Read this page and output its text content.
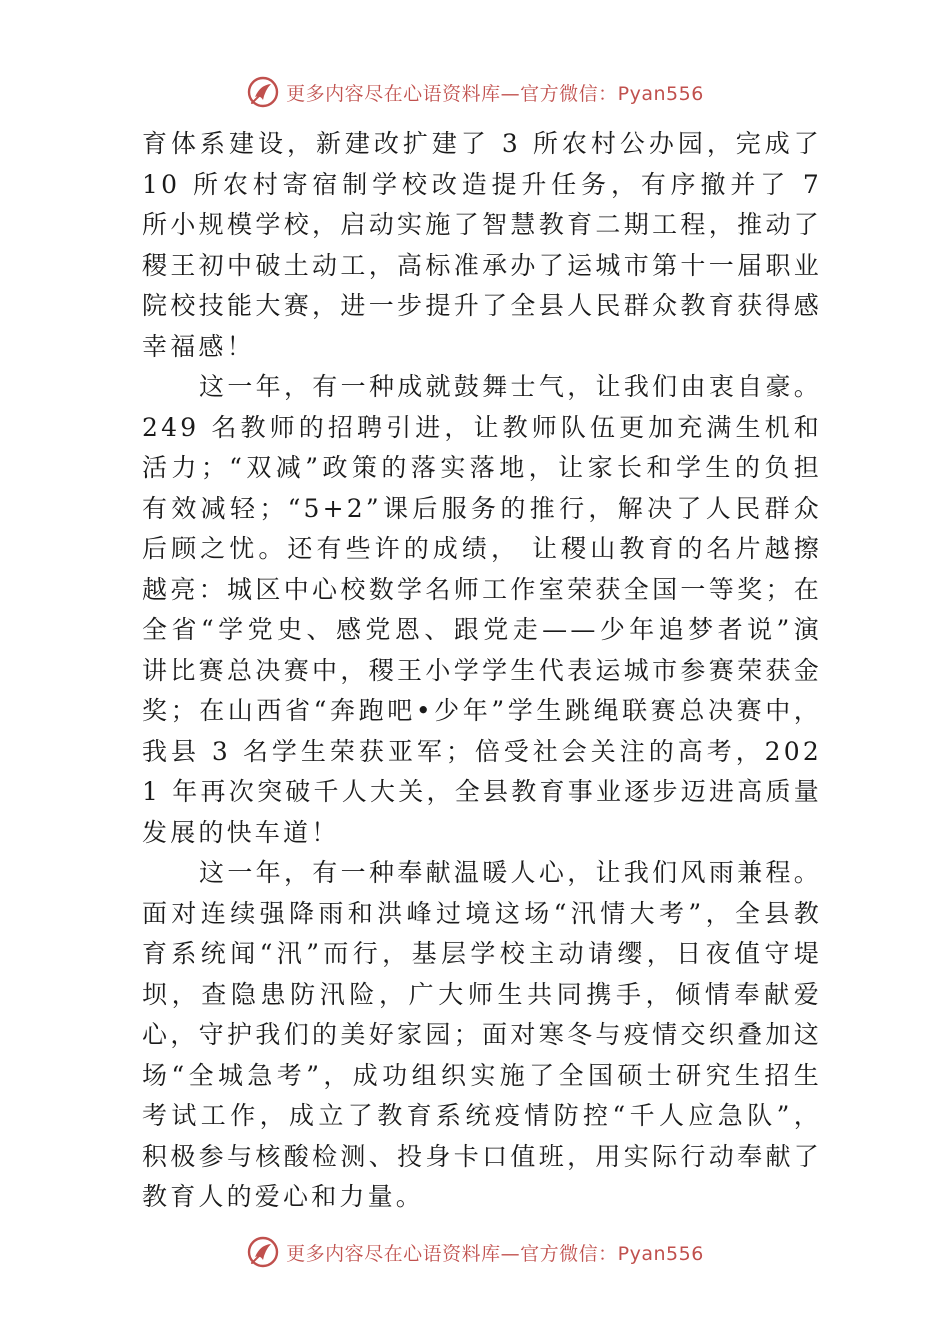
更多内容尽在心语资料库—官方微信：Pyan556

育体系建设，新建改扩建了 3 所农村公办园，完成了 10 所农村寄宿制学校改造提升任务，有序撤并了 7 所小规模学校，启动实施了智慧教育二期工程，推动了稷王初中破土动工，高标准承办了运城市第十一届职业院校技能大赛，进一步提升了全县人民群众教育获得感幸福感！

这一年，有一种成就鼓舞士气，让我们由衷自豪。249 名教师的招聘引进，让教师队伍更加充满生机和活力；“双减”政策的落实落地，让家长和学生的负担有效减轻；“5+2”课后服务的推行，解决了人民群众后顾之忧。还有些许的成绩， 让稷山教育的名片越擦越亮：城区中心校数学名师工作室荣获全国一等奖；在全省“学党史、感党恩、跟党走——少年追梦者说”演讲比赛总决赛中，稷王小学学生代表运城市参赛荣获金奖；在山西省“奔跑吧•少年”学生跳绳联赛总决赛中，我县 3 名学生荣获亚军；倍受社会关注的高考，2021 年再次突破千人大关，全县教育事业逐步迈进高质量发展的快车道！

这一年，有一种奉献温暖人心，让我们风雨兼程。面对连续强降雨和洪峰过境这场“汛情大考”，全县教育系统闻“汛”而行，基层学校主动请缨，日夜值守堤坝，查隐患防汛险，广大师生共同携手，倾情奉献爱心，守护我们的美好家园；面对寒冬与疫情交织叠加这场“全城急考”，成功组织实施了全国硕士研究生招生考试工作，成立了教育系统疫情防控“千人应急队”，积极参与核酸检测、投身卡口值班，用实际行动奉献了教育人的爱心和力量。

更多内容尽在心语资料库—官方微信：Pyan556
